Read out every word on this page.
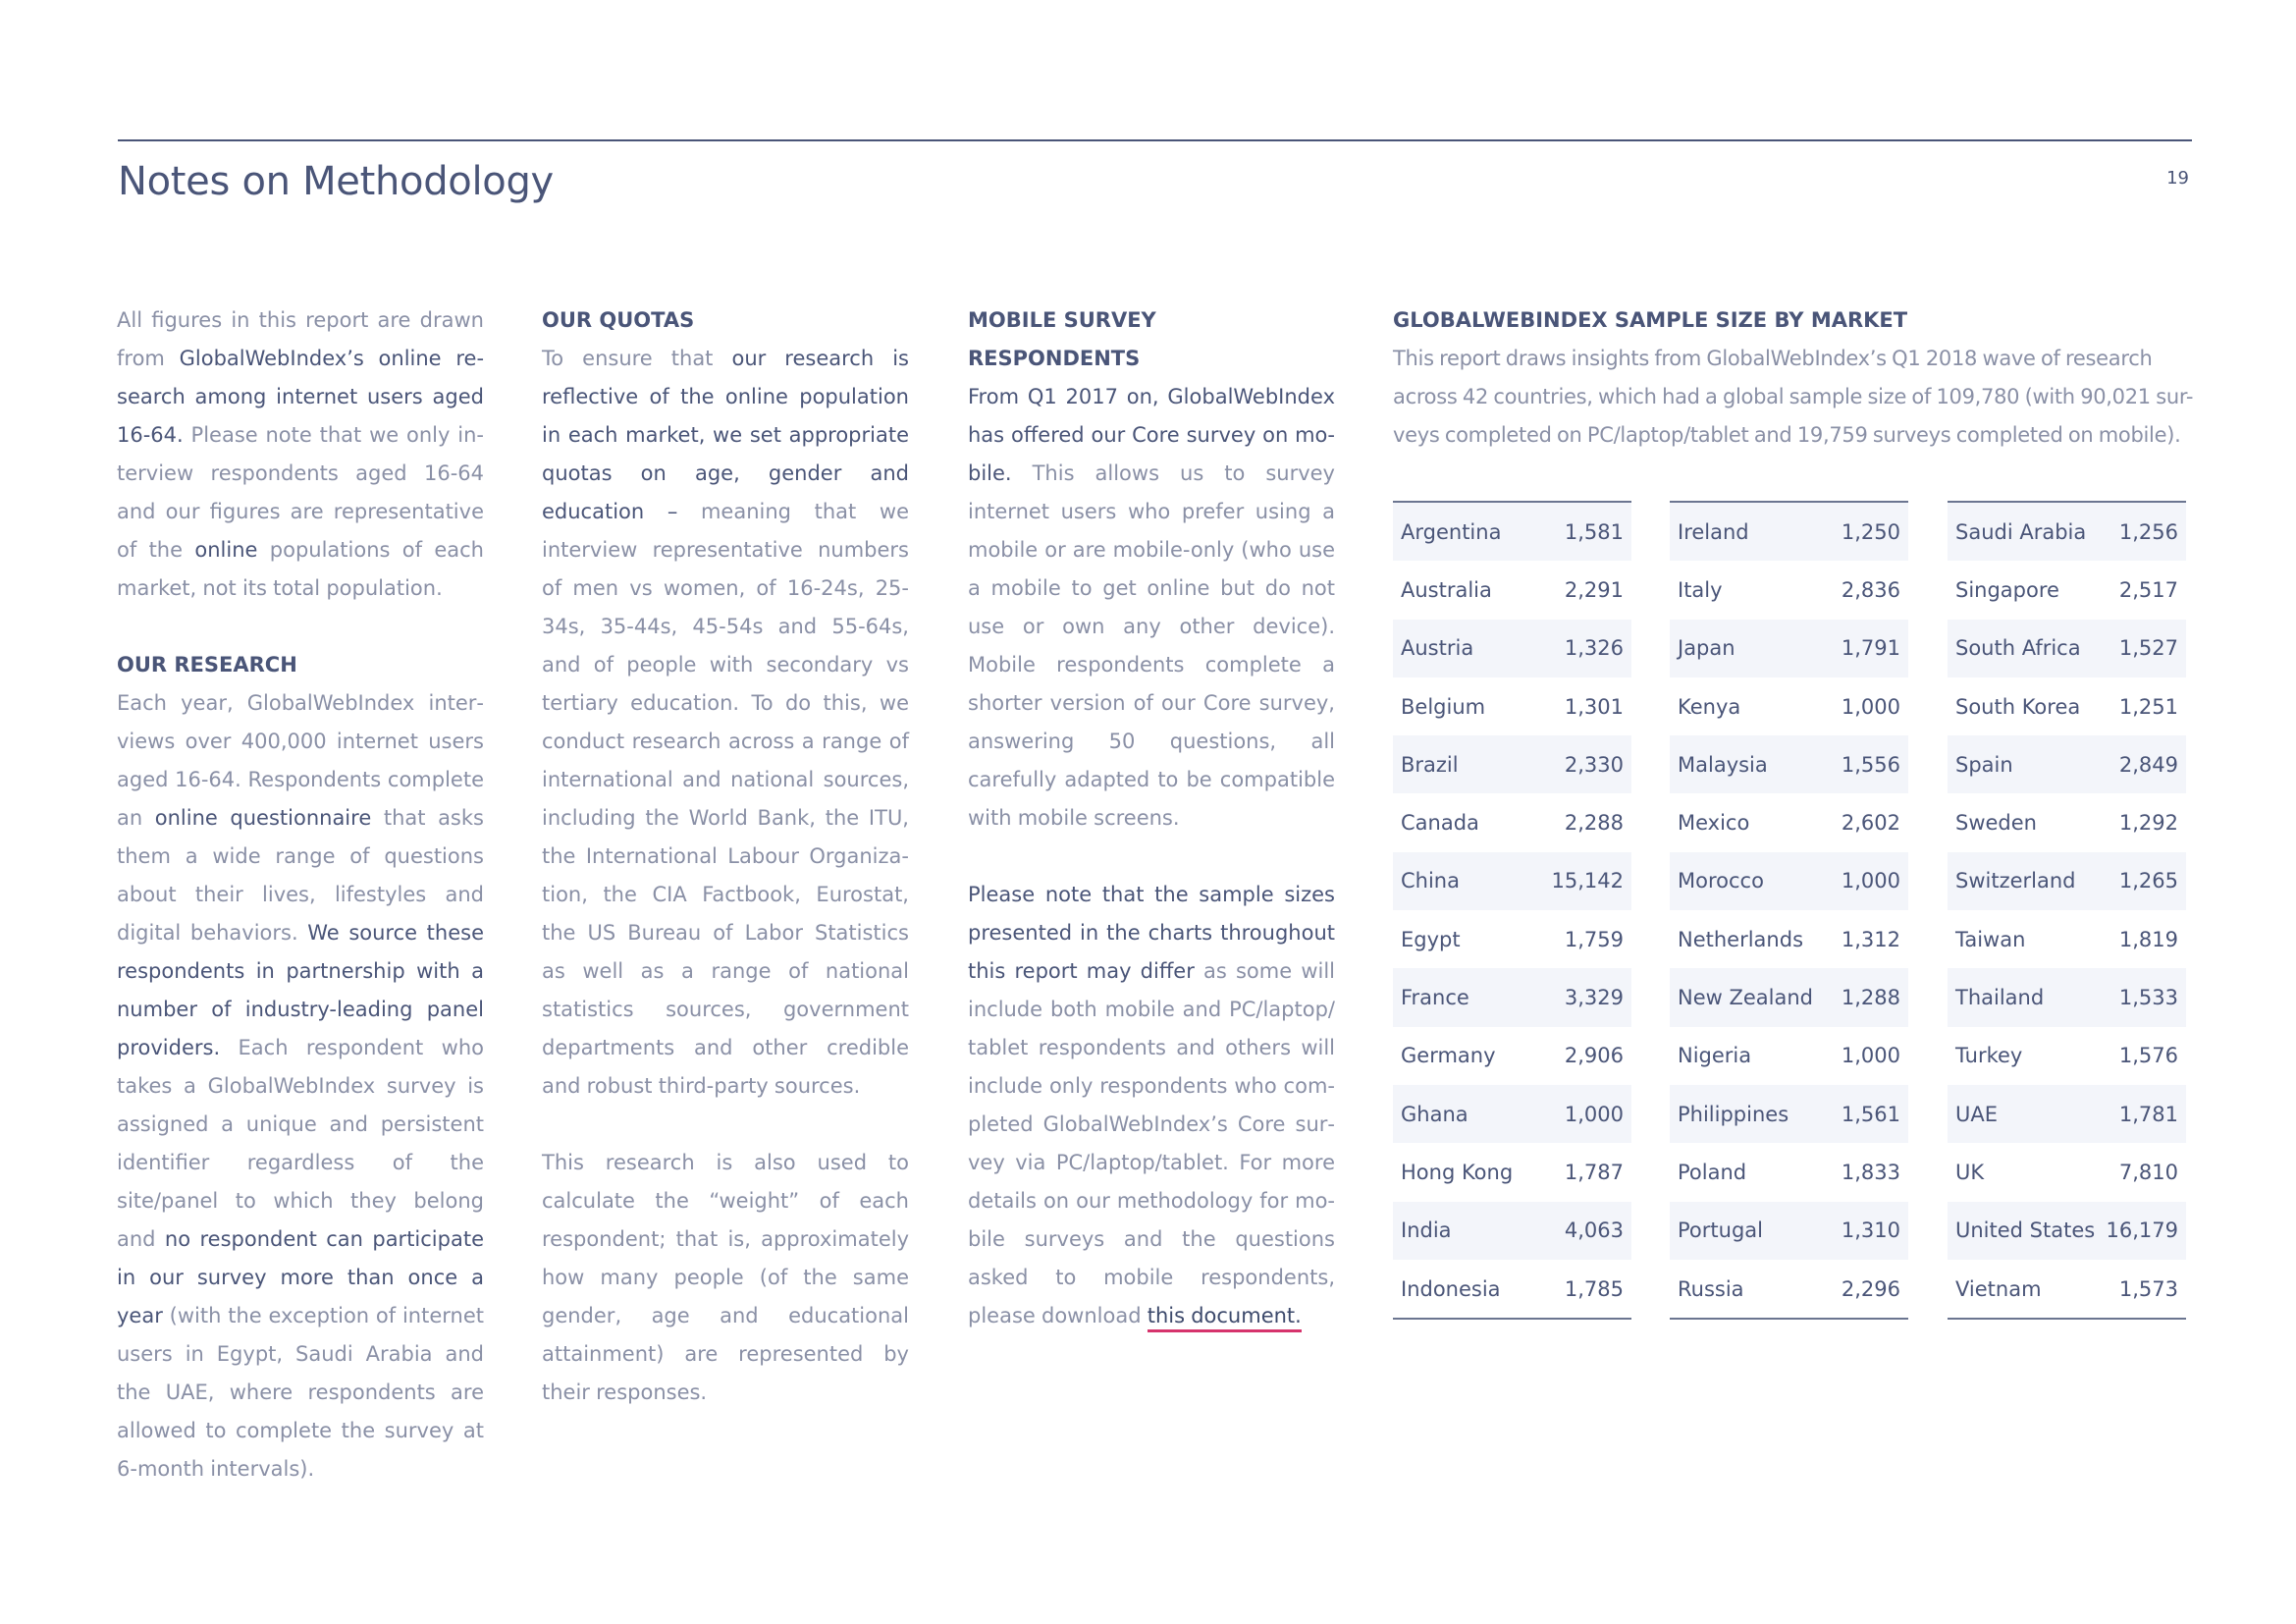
Notes on Methodology	19

All figures in this report are drawn from GlobalWebIndex’s online research among internet users aged 16-64. Please note that we only interview respondents aged 16-64 and our figures are representative of the online populations of each market, not its total population.

OUR RESEARCH

Each year, GlobalWebIndex interviews over 400,000 internet users aged 16-64. Respondents complete an online questionnaire that asks them a wide range of questions about their lives, lifestyles and digital behaviors. We source these respondents in partnership with a number of industry-leading panel providers. Each respondent who takes a GlobalWebIndex survey is assigned a unique and persistent identifier regardless of the site/panel to which they belong and no respondent can participate in our survey more than once a year (with the exception of internet users in Egypt, Saudi Arabia and the UAE, where respondents are allowed to complete the survey at 6-month intervals).

OUR QUOTAS

To ensure that our research is reflective of the online population in each market, we set appropriate quotas on age, gender and education – meaning that we interview representative numbers of men vs women, of 16-24s, 25-34s, 35-44s, 45-54s and 55-64s, and of people with secondary vs tertiary education. To do this, we conduct research across a range of international and national sources, including the World Bank, the ITU, the International Labour Organization, the CIA Factbook, Eurostat, the US Bureau of Labor Statistics as well as a range of national statistics sources, government departments and other credible and robust third-party sources.

This research is also used to calculate the “weight” of each respondent; that is, approximately how many people (of the same gender, age and educational attainment) are represented by their responses.

MOBILE SURVEY RESPONDENTS

From Q1 2017 on, GlobalWebIndex has offered our Core survey on mobile. This allows us to survey internet users who prefer using a mobile or are mobile-only (who use a mobile to get online but do not use or own any other device). Mobile respondents complete a shorter version of our Core survey, answering 50 questions, all carefully adapted to be compatible with mobile screens.

Please note that the sample sizes presented in the charts throughout this report may differ as some will include both mobile and PC/laptop/ tablet respondents and others will include only respondents who completed GlobalWebIndex’s Core survey via PC/laptop/tablet. For more details on our methodology for mobile surveys and the questions asked to mobile respondents, please download this document.

GLOBALWEBINDEX SAMPLE SIZE BY MARKET

This report draws insights from GlobalWebIndex’s Q1 2018 wave of research

across 42 countries, which had a global sample size of 109,780 (with 90,021 sur-

veys completed on PC/laptop/tablet and 19,759 surveys completed on mobile).

Argentina	1,581
Australia	2,291
Austria	1,326
Belgium	1,301
Brazil	2,330
Canada	2,288
China	15,142
Egypt	1,759
France	3,329
Germany	2,906
Ghana	1,000
Hong Kong	1,787
India	4,063
Indonesia	1,785
Ireland	1,250
Italy	2,836
Japan	1,791
Kenya	1,000
Malaysia	1,556
Mexico	2,602
Morocco	1,000
Netherlands 1,312
New Zealand 1,288
Nigeria	1,000
Philippines	1,561
Poland	1,833
Portugal	1,310
Russia	2,296
Saudi Arabia 1,256
Singapore	2,517
South Africa 1,527
South Korea 1,251
Spain	2,849
Sweden	1,292
Switzerland 1,265
Taiwan	1,819
Thailand	1,533
Turkey	1,576
UAE	1,781
UK	7,810
United States 16,179
Vietnam	1,573
